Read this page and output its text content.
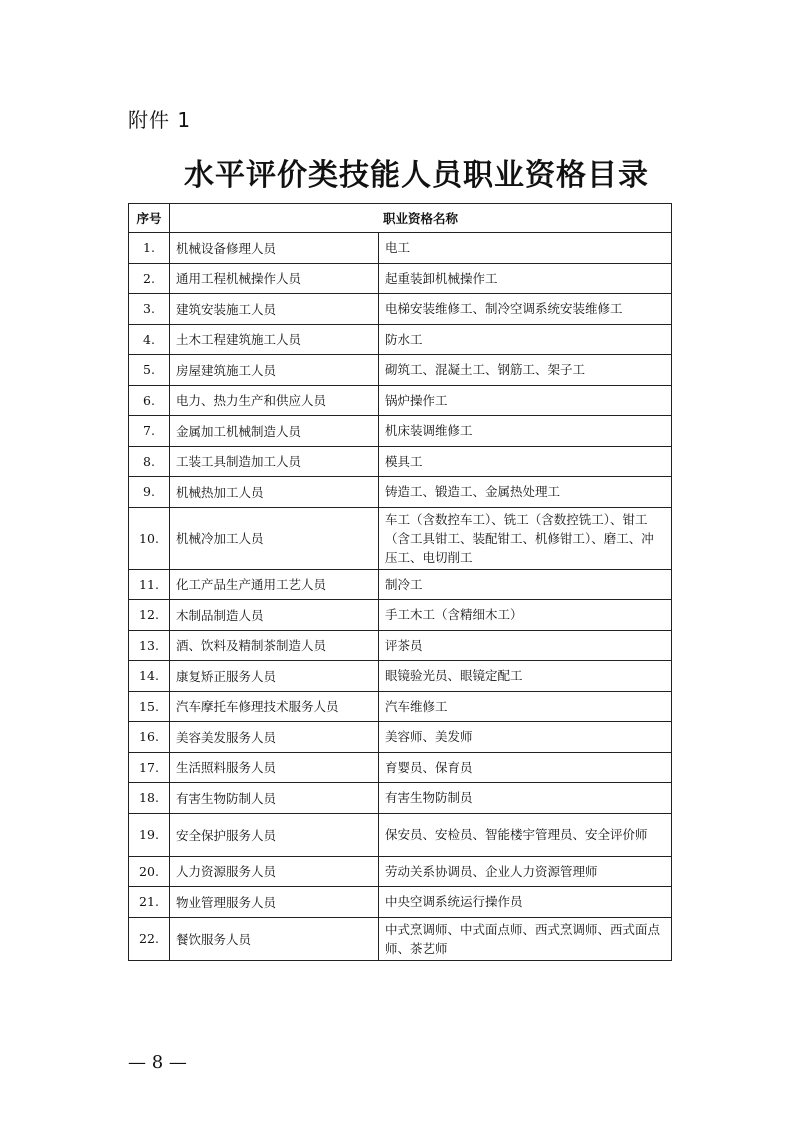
附件 1
水平评价类技能人员职业资格目录
序号	职业资格名称	
1.	机械设备修理人员	电工
2.	通用工程机械操作人员	起重装卸机械操作工
3.	建筑安装施工人员	电梯安装维修工、制冷空调系统安装维修工
4.	土木工程建筑施工人员	防水工
5.	房屋建筑施工人员	砌筑工、混凝土工、钢筋工、架子工
6.	电力、热力生产和供应人员	锅炉操作工
7.	金属加工机械制造人员	机床装调维修工
8.	工装工具制造加工人员	模具工
9.	机械热加工人员	铸造工、锻造工、金属热处理工
10.	机械冷加工人员	车工（含数控车工）、铣工（含数控铣工）、钳工（含工具钳工、装配钳工、机修钳工）、磨工、冲压工、电切削工
11.	化工产品生产通用工艺人员	制冷工
12.	木制品制造人员	手工木工（含精细木工）
13.	酒、饮料及精制茶制造人员	评茶员
14.	康复矫正服务人员	眼镜验光员、眼镜定配工
15.	汽车摩托车修理技术服务人员	汽车维修工
16.	美容美发服务人员	美容师、美发师
17.	生活照料服务人员	育婴员、保育员
18.	有害生物防制人员	有害生物防制员
19.	安全保护服务人员	保安员、安检员、智能楼宇管理员、安全评价师
20.	人力资源服务人员	劳动关系协调员、企业人力资源管理师
21.	物业管理服务人员	中央空调系统运行操作员
22.	餐饮服务人员	中式烹调师、中式面点师、西式烹调师、西式面点师、茶艺师
— 8 —
